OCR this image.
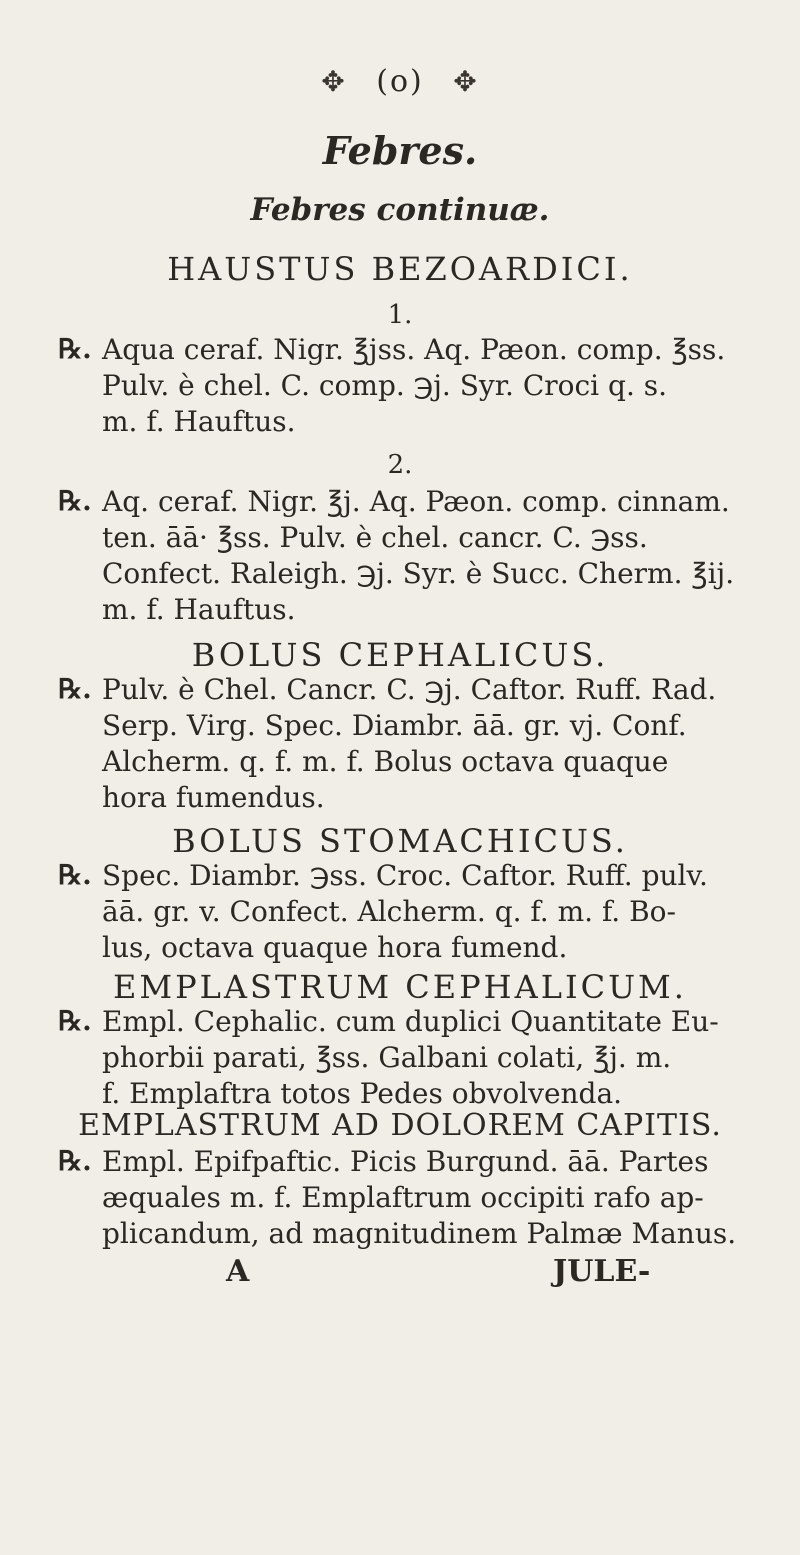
✥ (o) ✥
Febres.
Febres continuæ.
HAUSTUS BEZOARDICI.
1.
℞. Aqua ceraf. Nigr. ℥jss. Aq. Pæon. comp. ℥ss.
Pulv. è chel. C. comp. ℈j. Syr. Croci q. s.
m. f. Hauftus.
2.
℞. Aq. ceraf. Nigr. ℥j. Aq. Pæon. comp. cinnam.
ten. āā· ℥ss. Pulv. è chel. cancr. C. ℈ss.
Confect. Raleigh. ℈j. Syr. è Succ. Cherm. ℥ij.
m. f. Hauftus.
BOLUS CEPHALICUS.
℞. Pulv. è Chel. Cancr. C. ℈j. Caftor. Ruff. Rad.
Serp. Virg. Spec. Diambr. āā. gr. vj. Conf.
Alcherm. q. f. m. f. Bolus octava quaque
hora fumendus.
BOLUS STOMACHICUS.
℞. Spec. Diambr. ℈ss. Croc. Caftor. Ruff. pulv.
āā. gr. v. Confect. Alcherm. q. f. m. f. Bo-
lus, octava quaque hora fumend.
EMPLASTRUM CEPHALICUM.
℞. Empl. Cephalic. cum duplici Quantitate Eu-
phorbii parati, ℥ss. Galbani colati, ℥j. m.
f. Emplaftra totos Pedes obvolvenda.
EMPLASTRUM AD DOLOREM CAPITIS.
℞. Empl. Epifpaftic. Picis Burgund. āā. Partes
æquales m. f. Emplaftrum occipiti rafo ap-
plicandum, ad magnitudinem Palmæ Manus.
A	JULE-
